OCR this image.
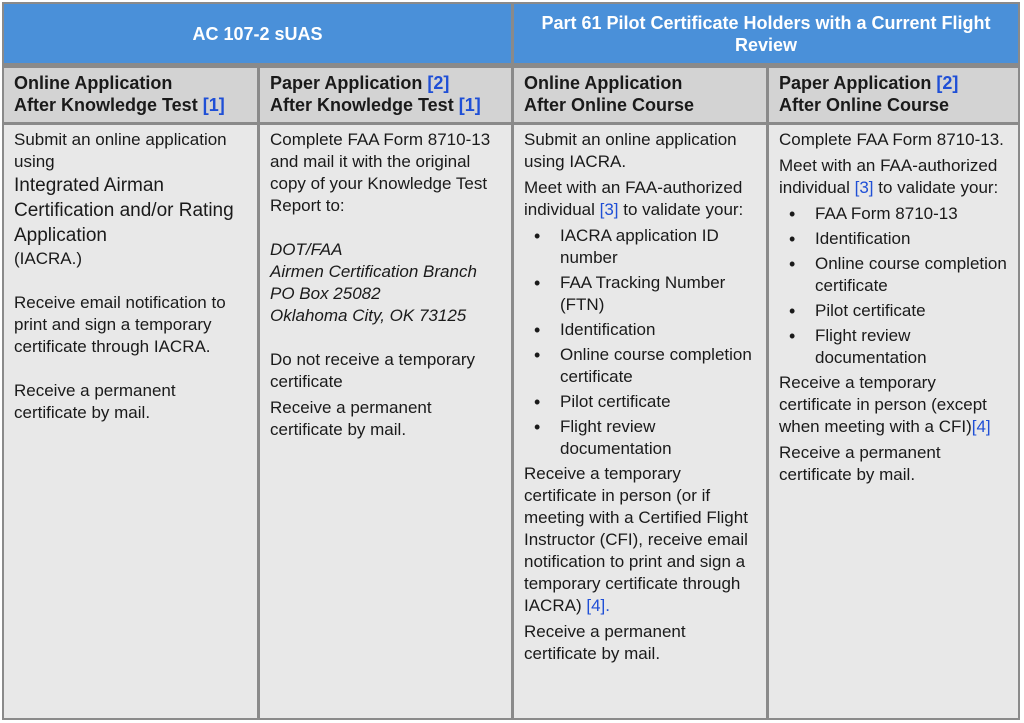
AC 107-2 sUAS
Part 61 Pilot Certificate Holders with a Current Flight Review
Online Application
After Knowledge Test [1]

Submit an online application using

Integrated Airman Certification and/or Rating Application

(IACRA.)

Receive email notification to print and sign a temporary certificate through IACRA.

Receive a permanent certificate by mail.

Paper Application [2]
After Knowledge Test [1]

Complete FAA Form 8710-13 and mail it with the original copy of your Knowledge Test Report to:

DOT/FAA

Airmen Certification Branch

PO Box 25082

Oklahoma City, OK 73125

Do not receive a temporary certificate

Receive a permanent certificate by mail.

Online Application
After Online Course

Submit an online application using IACRA.

Meet with an FAA-authorized individual [3] to validate your:

• IACRA application ID number
• FAA Tracking Number (FTN)
• Identification
• Online course completion certificate
• Pilot certificate
• Flight review documentation

Receive a temporary certificate in person (or if meeting with a Certified Flight Instructor (CFI), receive email notification to print and sign a temporary certificate through IACRA) [4].

Receive a permanent certificate by mail.

Paper Application [2]
After Online Course

Complete FAA Form 8710-13.

Meet with an FAA-authorized individual [3] to validate your:

• FAA Form 8710-13
• Identification
• Online course completion certificate
• Pilot certificate
• Flight review documentation

Receive a temporary certificate in person (except when meeting with a CFI)[4]

Receive a permanent certificate by mail.
